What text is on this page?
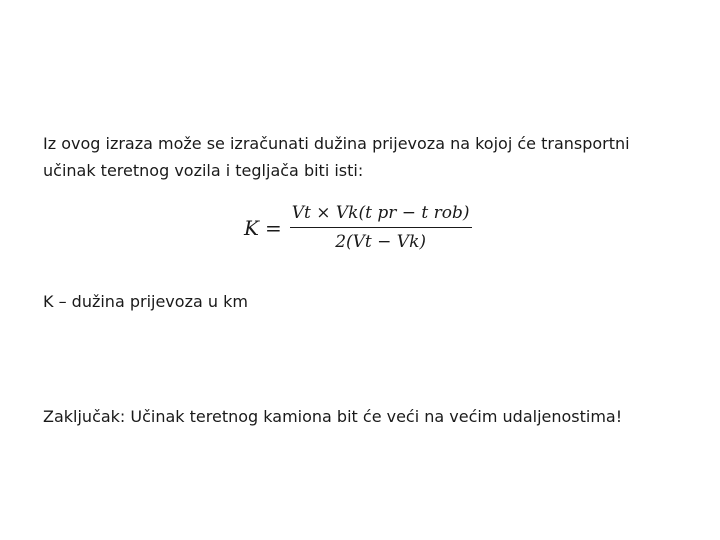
Iz ovog izraza može se izračunati dužina prijevoza na kojoj će transportni
učinak teretnog vozila i tegljača biti isti:
$K = \frac{\text{Vt × Vk(t pr − t rob)}}{2(Vt - Vk)}$
K – dužina prijevoza u km
Zaključak: Učinak teretnog kamiona bit će veći na većim udaljenostima!
